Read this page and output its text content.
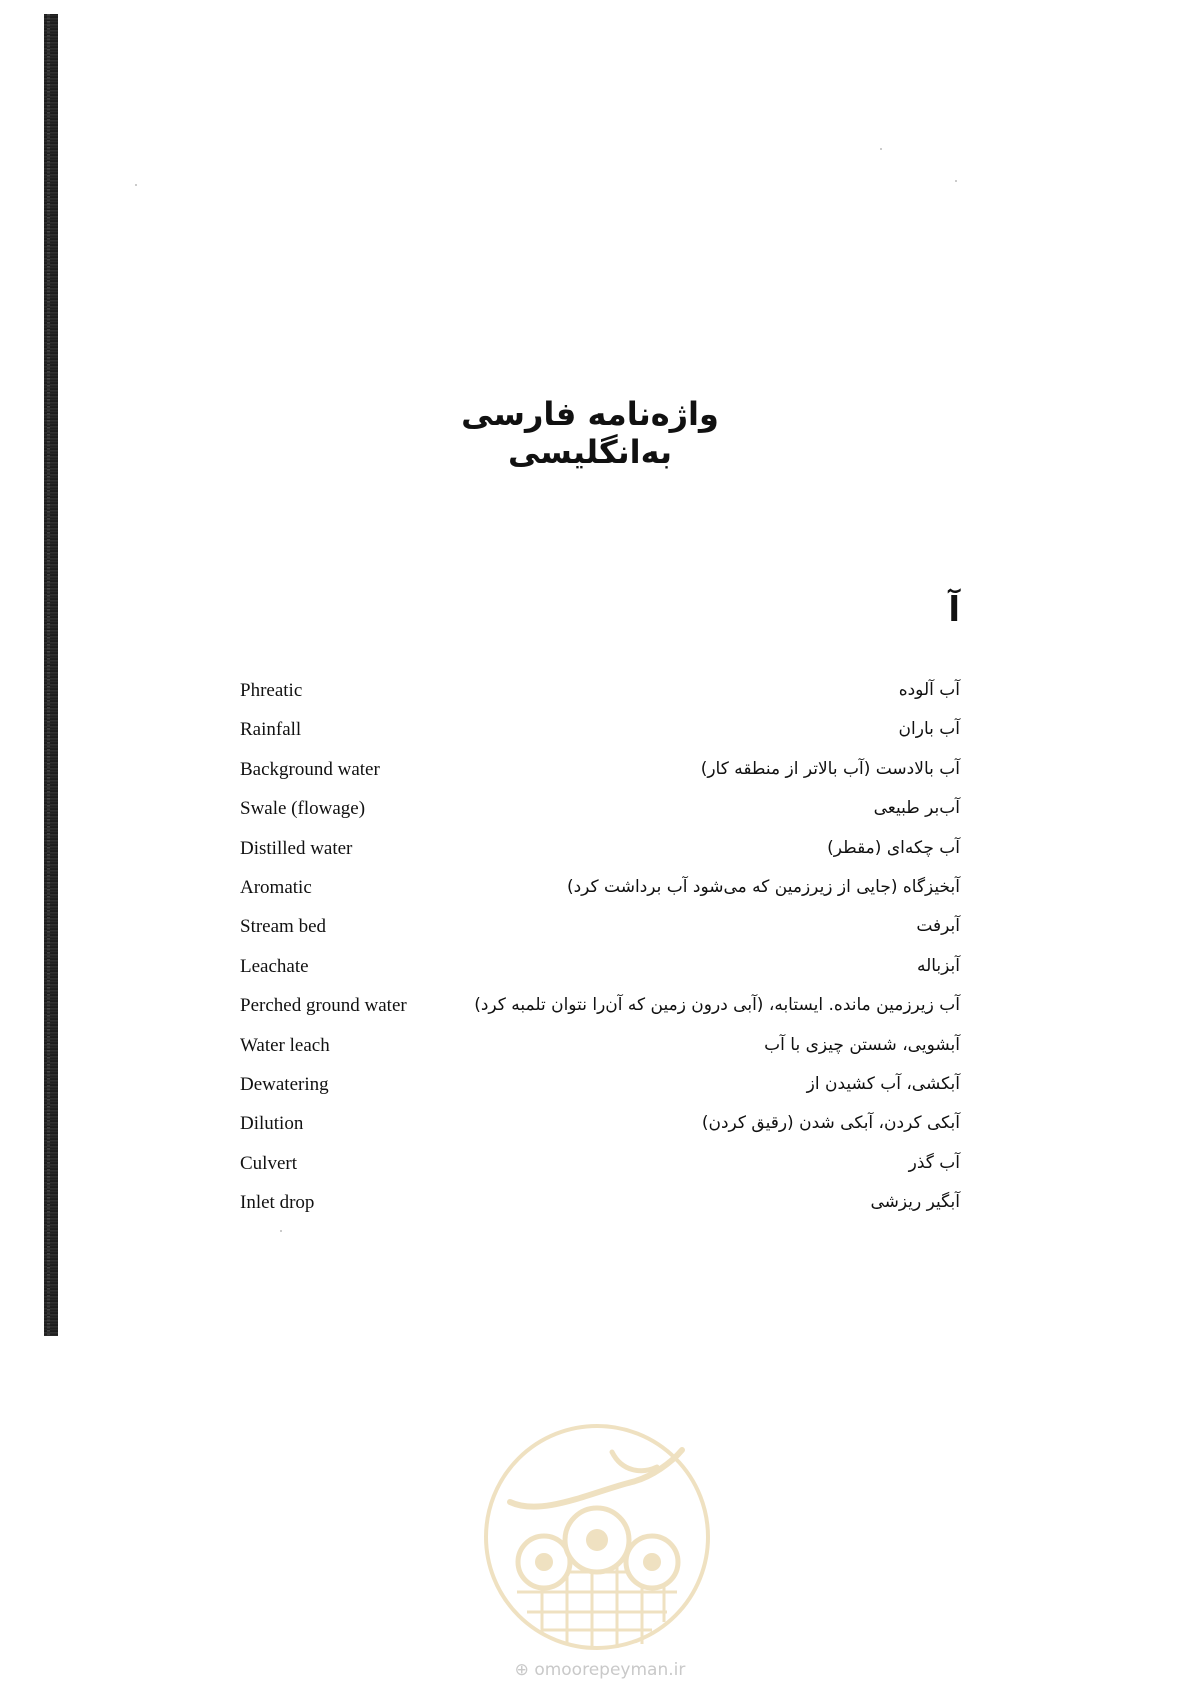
واژه‌نامه فارسی به‌انگلیسی
آ
Phreatic	آب آلوده
Rainfall	آب باران
Background water	آب بالادست (آب بالاتر از منطقه کار)
Swale (flowage)	آب‌بر طبیعی
Distilled water	آب چکه‌ای (مقطر)
Aromatic	آبخیزگاه (جایی از زیرزمین که می‌شود آب برداشت کرد)
Stream bed	آبرفت
Leachate	آبزباله
Perched ground water	آب زیرزمین مانده. ایستابه، (آبی درون زمین که آن‌را نتوان تلمبه کرد)
Water leach	آبشویی، شستن چیزی با آب
Dewatering	آبکشی، آب کشیدن از
Dilution	آبکی کردن، آبکی شدن (رقیق کردن)
Culvert	آب گذر
Inlet drop	آبگیر ریزشی
⊕ omoorepeyman.ir
